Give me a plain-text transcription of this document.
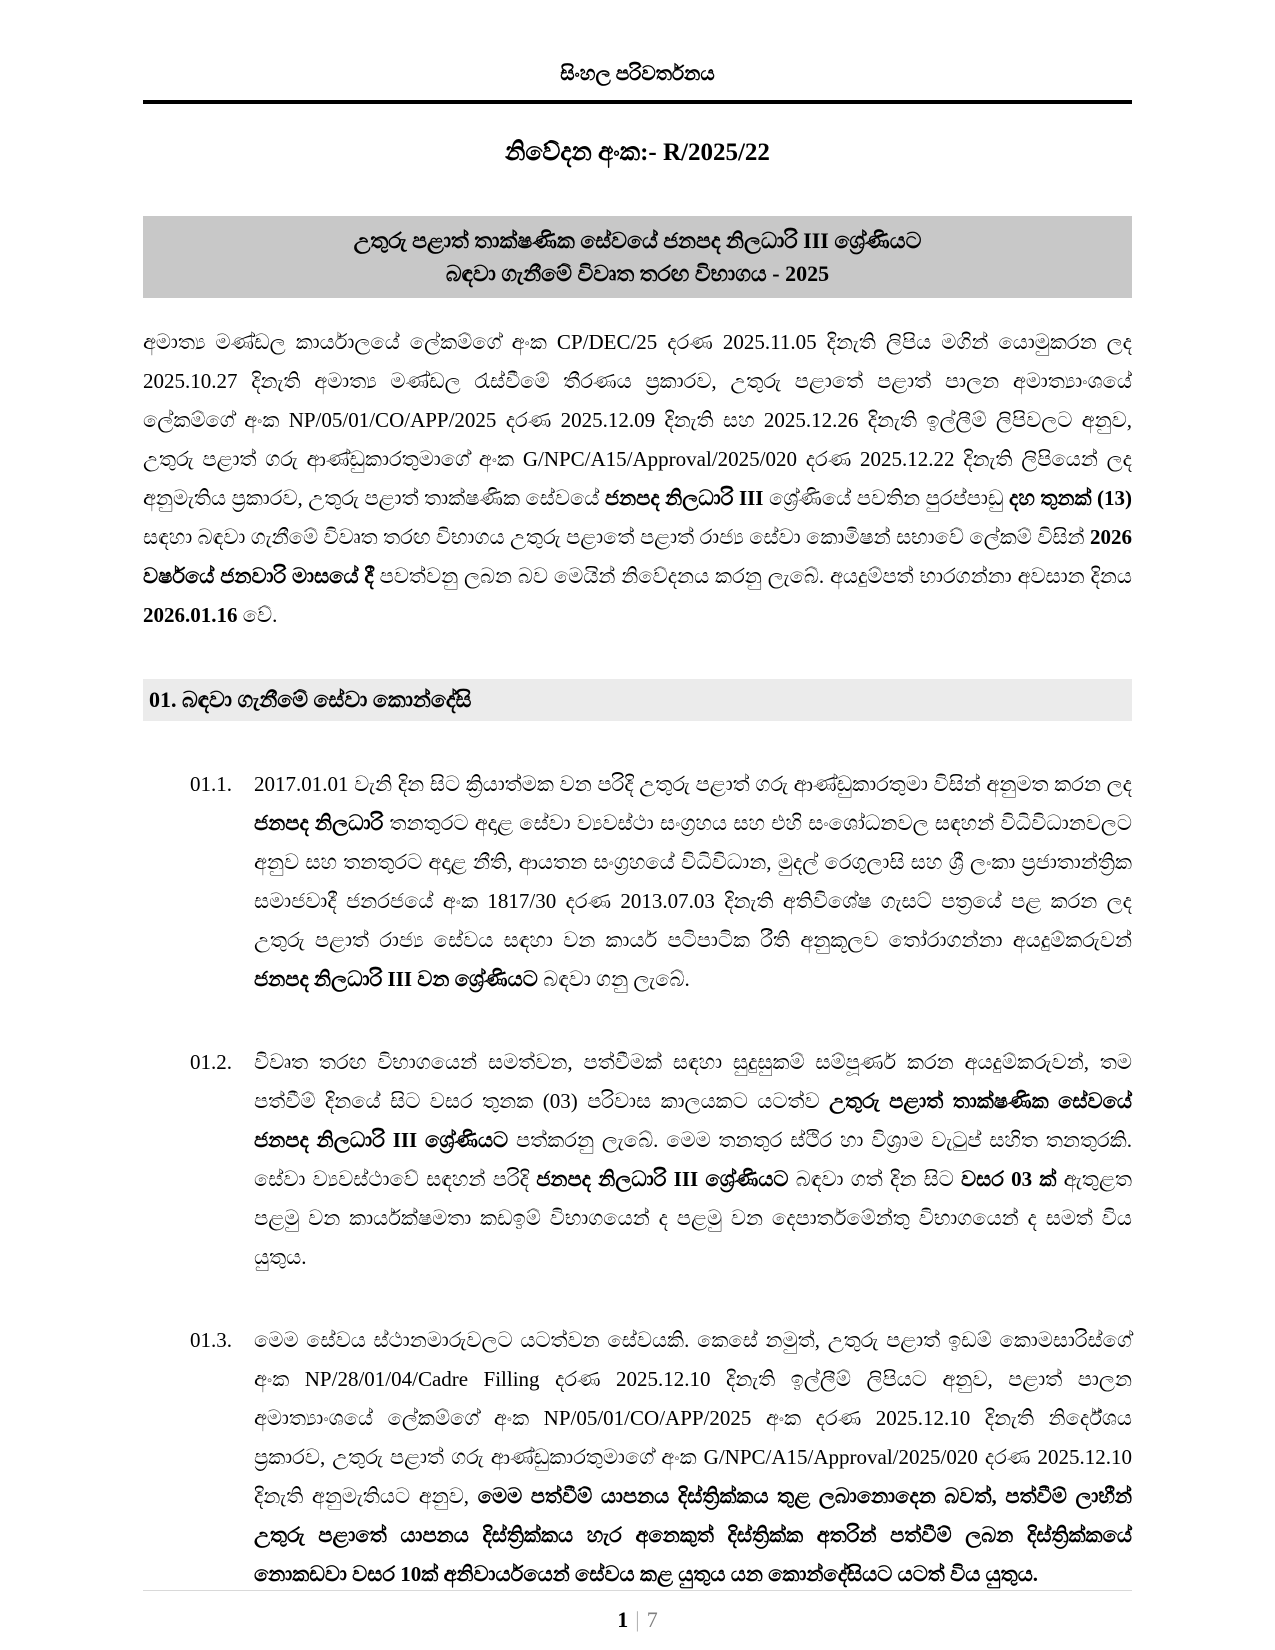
සිංහල පරිවර්තනය
නිවේදන අංක:- R/2025/22
උතුරු පළාත් තාක්ෂණික සේවයේ ජනපද නිලධාරි III ශ්‍රේණියට
බඳවා ගැනීමේ විවෘත තරඟ විභාගය - 2025

අමාත්‍ය මණ්ඩල කාර්යාලයේ ලේකම්ගේ අංක CP/DEC/25 දරණ 2025.11.05 දිනැති ලිපිය මගින් යොමුකරන ලද 2025.10.27 දිනැති අමාත්‍ය මණ්ඩල රැස්වීමේ තීරණය ප්‍රකාරව, උතුරු පළාතේ පළාත් පාලන අමාත්‍යාංශයේ ලේකම්ගේ අංක NP/05/01/CO/APP/2025 දරණ 2025.12.09 දිනැති සහ 2025.12.26 දිනැති ඉල්ලීම් ලිපිවලට අනුව, උතුරු පළාත් ගරු ආණ්ඩුකාරතුමාගේ අංක G/NPC/A15/Approval/2025/020 දරණ 2025.12.22 දිනැති ලිපියෙන් ලද අනුමැතිය ප්‍රකාරව, උතුරු පළාත් තාක්ෂණික සේවයේ ජනපද නිලධාරි III ශ්‍රේණියේ පවතින පුරප්පාඩු දහ තුනක් (13) සඳහා බඳවා ගැනීමේ විවෘත තරඟ විභාගය උතුරු පළාතේ පළාත් රාජ්‍ය සේවා කොමිෂන් සභාවේ ලේකම් විසින් 2026 වර්ෂයේ ජනවාරි මාසයේ දී පවත්වනු ලබන බව මෙයින් නිවේදනය කරනු ලැබේ. අයදුම්පත් භාරගන්නා අවසාන දිනය 2026.01.16 වේ.

01. බඳවා ගැනීමේ සේවා කොන්දේසි
01.1.	2017.01.01 වැනි දින සිට ක්‍රියාත්මක වන පරිදි උතුරු පළාත් ගරු ආණ්ඩුකාරතුමා විසින් අනුමත කරන ලද ජනපද නිලධාරි තනතුරට අදාළ සේවා ව්‍යවස්ථා සංග්‍රහය සහ එහි සංශෝධනවල සඳහන් විධිවිධානවලට අනුව සහ තනතුරට අදාළ නීති, ආයතන සංග්‍රහයේ විධිවිධාන, මුදල් රෙගුලාසි සහ ශ්‍රී ලංකා ප්‍රජාතාන්ත්‍රික සමාජවාදී ජනරජයේ අංක 1817/30 දරණ 2013.07.03 දිනැති අතිවිශේෂ ගැසට් පත්‍රයේ පළ කරන ලද උතුරු පළාත් රාජ්‍ය සේවය සඳහා වන කාර්ය පටිපාටික රීති අනුකූලව තෝරාගන්නා අයදුම්කරුවන් ජනපද නිලධාරි III වන ශ්‍රේණියට බඳවා ගනු ලැබේ.
01.2.	විවෘත තරඟ විභාගයෙන් සමත්වන, පත්වීමක් සඳහා සුදුසුකම් සම්පූර්ණ කරන අයදුම්කරුවන්, තම පත්වීම් දිනයේ සිට වසර තුනක (03) පරිවාස කාලයකට යටත්ව උතුරු පළාත් තාක්ෂණික සේවයේ ජනපද නිලධාරි III ශ්‍රේණියට පත්කරනු ලැබේ. මෙම තනතුර ස්ථිර හා විශ්‍රාම වැටුප් සහිත තනතුරකි. සේවා ව්‍යවස්ථාවේ සඳහන් පරිදි ජනපද නිලධාරි III ශ්‍රේණියට බඳවා ගත් දින සිට වසර 03 ක් ඇතුළත පළමු වන කාර්යක්ෂමතා කඩඉම් විභාගයෙන් ද පළමු වන දෙපාර්තමේන්තු විභාගයෙන් ද සමත් විය යුතුය.
01.3.	මෙම සේවය ස්ථානමාරුවලට යටත්වන සේවයකි. කෙසේ නමුත්, උතුරු පළාත් ඉඩම් කොමසාරිස්ගේ අංක NP/28/01/04/Cadre Filling දරණ 2025.12.10 දිනැති ඉල්ලීම් ලිපියට අනුව, පළාත් පාලන අමාත්‍යාංශයේ ලේකම්ගේ අංක NP/05/01/CO/APP/2025 අංක දරණ 2025.12.10 දිනැති නිර්දේශය ප්‍රකාරව, උතුරු පළාත් ගරු ආණ්ඩුකාරතුමාගේ අංක G/NPC/A15/Approval/2025/020 දරණ 2025.12.10 දිනැති අනුමැතියට අනුව, මෙම පත්වීම් යාපනය දිස්ත්‍රික්කය තුළ ලබානොදෙන බවත්, පත්වීම් ලාභීන් උතුරු පළාතේ යාපනය දිස්ත්‍රික්කය හැර අනෙකුත් දිස්ත්‍රික්ක අතරින් පත්වීම් ලබන දිස්ත්‍රික්කයේ නොකඩවා වසර 10ක් අනිවාර්යයෙන් සේවය කළ යුතුය යන කොන්දේසියට යටත් විය යුතුය.
1 | 7
